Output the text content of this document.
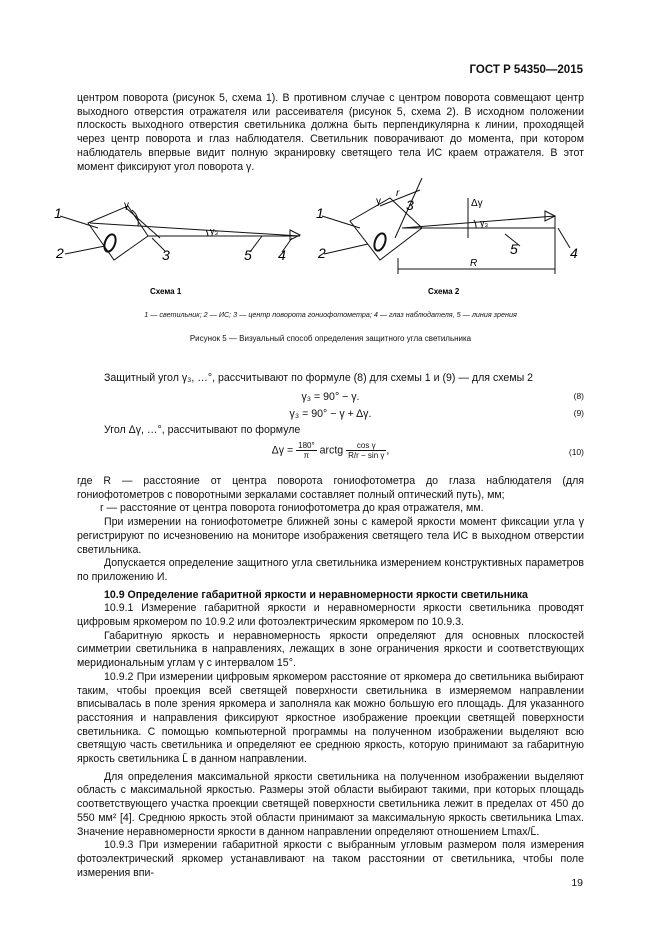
ГОСТ Р 54350—2015

центром поворота (рисунок 5, схема 1). В противном случае с центром поворота совмещают центр выходного отверстия отражателя или рассеивателя (рисунок 5, схема 2). В исходном положении плоскость выходного отверстия светильника должна быть перпендикулярна к линии, проходящей через центр поворота и глаз наблюдателя. Светильник поворачивают до момента, при котором наблюдатель впервые видит полную экранировку светящего тела ИС краем отражателя. В этот момент фиксируют угол поворота γ.

1
2	3	5 4
γ
γ₃
Схема 1
1
2
3
5	4
Δγ
γ₃
γ
r
R
Схема 2
1 — светильник; 2 — ИС; 3 — центр поворота гониофотометра; 4 — глаз наблюдателя, 5 — линия зрения
Рисунок 5 — Визуальный способ определения защитного угла светильника

Защитный угол γ₃, …°, рассчитывают по формуле (8) для схемы 1 и (9) — для схемы 2

γ₃ = 90° − γ.	(8)
γ₃ = 90° − γ + Δγ.	(9)

Угол Δγ, …°, рассчитывают по формуле

$\Delta\gamma = \frac{180^\circ}{\pi}$ arctg $\frac{\text{cos γ}}{\text{R/r − sin γ}}$ ,	(10)

где R — расстояние от центра поворота гониофотометра до глаза наблюдателя (для гониофотометров с поворотными зеркалами составляет полный оптический путь), мм;

r — расстояние от центра поворота гониофотометра до края отражателя, мм.

При измерении на гониофотометре ближней зоны с камерой яркости момент фиксации угла γ регистрируют по исчезновению на мониторе изображения светящего тела ИС в выходном отверстии светильника.

Допускается определение защитного угла светильника измерением конструктивных параметров по приложению И.

10.9 Определение габаритной яркости и неравномерности яркости светильника

10.9.1 Измерение габаритной яркости и неравномерности яркости светильника проводят цифровым яркомером по 10.9.2 или фотоэлектрическим яркомером по 10.9.3.

Габаритную яркость и неравномерность яркости определяют для основных плоскостей симметрии светильника в направлениях, лежащих в зоне ограничения яркости и соответствующих меридиональным углам γ с интервалом 15°.

10.9.2 При измерении цифровым яркомером расстояние от яркомера до светильника выбирают таким, чтобы проекция всей светящей поверхности светильника в измеряемом направлении вписывалась в поле зрения яркомера и заполняла как можно большую его площадь. Для указанного расстояния и направления фиксируют яркостное изображение проекции светящей поверхности светильника. С помощью компьютерной программы на полученном изображении выделяют всю светящую часть светильника и определяют ее среднюю яркость, которую принимают за габаритную яркость светильника L̄ в данном направлении.

Для определения максимальной яркости светильника на полученном изображении выделяют область с максимальной яркостью. Размеры этой области выбирают такими, при которых площадь соответствующего участка проекции светящей поверхности светильника лежит в пределах от 450 до 550 мм² [4]. Среднюю яркость этой области принимают за максимальную яркость светильника Lmax. Значение неравномерности яркости в данном направлении определяют отношением Lmax/L̄.

10.9.3 При измерении габаритной яркости с выбранным угловым размером поля измерения фотоэлектрический яркомер устанавливают на таком расстоянии от светильника, чтобы поле измерения впи-

19
